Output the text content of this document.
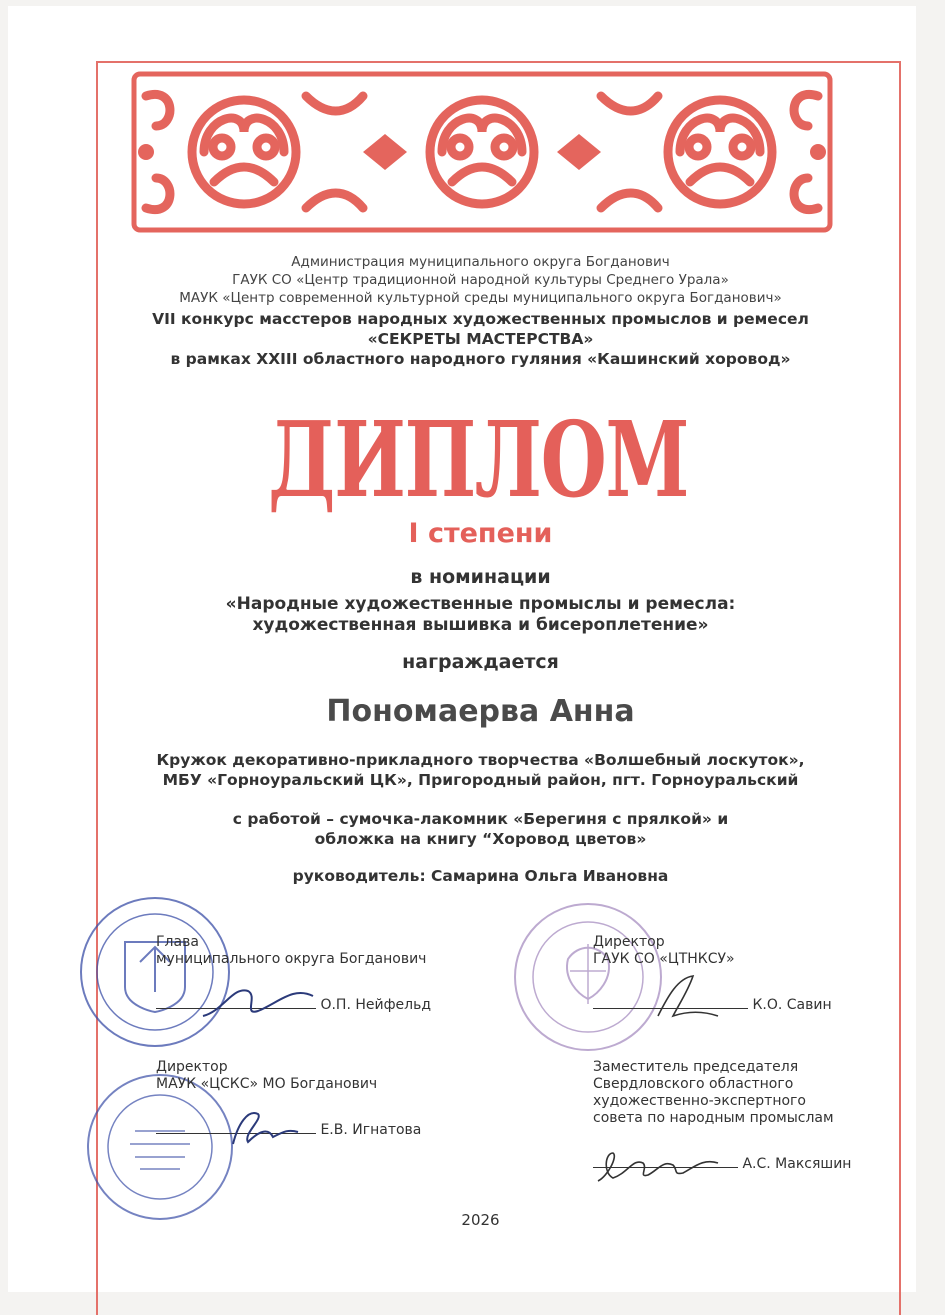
Администрация муниципального округа Богданович
ГАУК СО «Центр традиционной народной культуры Среднего Урала»
МАУК «Центр современной культурной среды муниципального округа Богданович»
VII конкурс масстеров народных художественных промыслов и ремесел
«СЕКРЕТЫ МАСТЕРСТВА»
в рамках XXIII областного народного гуляния «Кашинский хоровод»
ДИПЛОМ
I степени
в номинации
«Народные художественные промыслы и ремесла:
художественная вышивка и бисероплетение»
награждается
Пономаерва Анна
Кружок декоративно-прикладного творчества «Волшебный лоскуток»,
МБУ «Горноуральский ЦК», Пригородный район, пгт. Горноуральский
с работой – сумочка-лакомник «Берегиня с прялкой» и
обложка на книгу “Хоровод цветов»
руководитель: Самарина Ольга Ивановна
Глава
муниципального округа Богданович
О.П. Нейфельд
Директор
ГАУК СО «ЦТНКСУ»
К.О. Савин
Директор
МАУК «ЦСКС» МО Богданович
Е.В. Игнатова
Заместитель председателя
Свердловского областного
художественно-экспертного
совета по народным промыслам
А.С. Максяшин
2026
